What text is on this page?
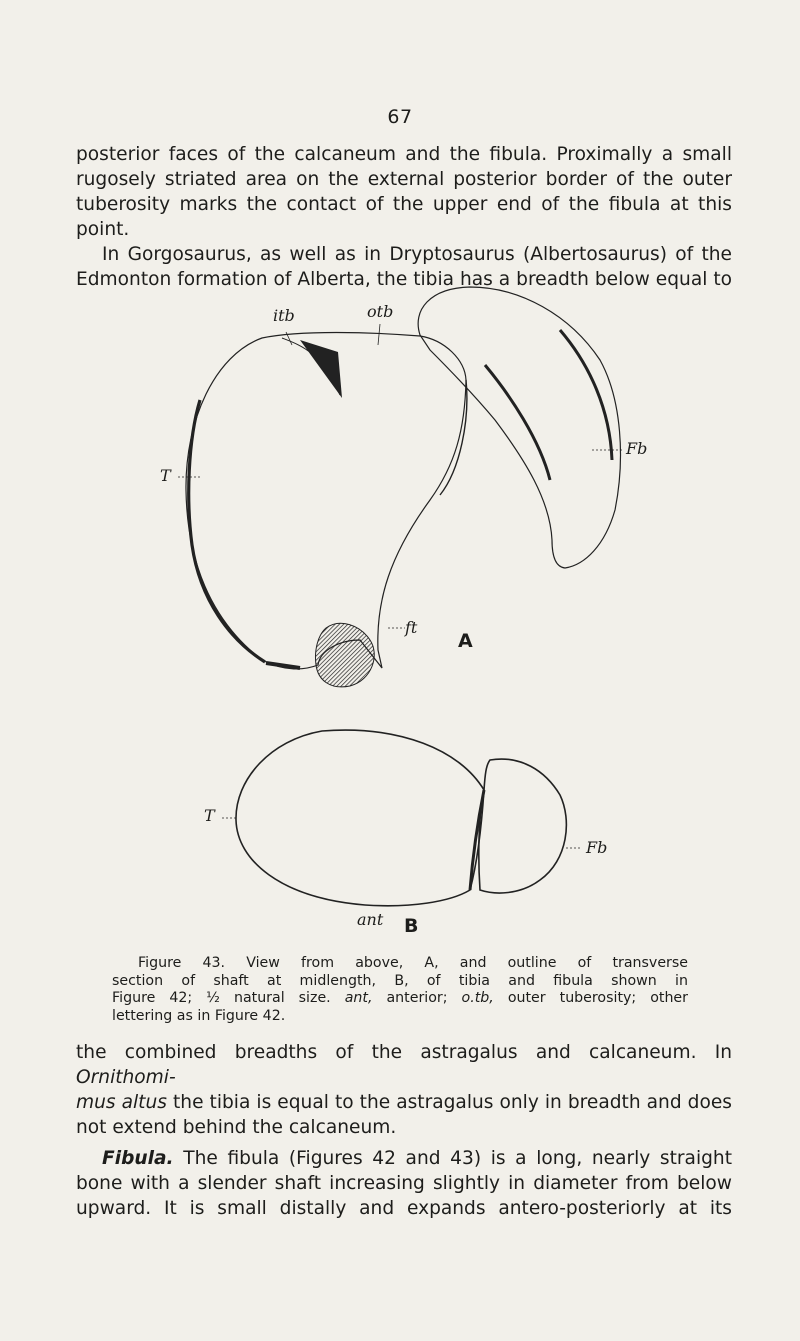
67
posterior faces of the calcaneum and the fibula. Proximally a small
rugosely striated area on the external posterior border of the outer
tuberosity marks the contact of the upper end of the fibula at this point.
In Gorgosaurus, as well as in Dryptosaurus (Albertosaurus) of the
Edmonton formation of Alberta, the tibia has a breadth below equal to
itb	otb
T
Fb
ft
A
T
Fb
ant B
Figure 43. View from above, A, and outline of transverse
section of shaft at midlength, B, of tibia and fibula shown in
Figure 42; ½ natural size. ant, anterior; o.tb, outer tuberosity; other
lettering as in Figure 42.
the combined breadths of the astragalus and calcaneum. In Ornithomi-
mus altus the tibia is equal to the astragalus only in breadth and does
not extend behind the calcaneum.
Fibula. The fibula (Figures 42 and 43) is a long, nearly straight
bone with a slender shaft increasing slightly in diameter from below
upward. It is small distally and expands antero-posteriorly at its
